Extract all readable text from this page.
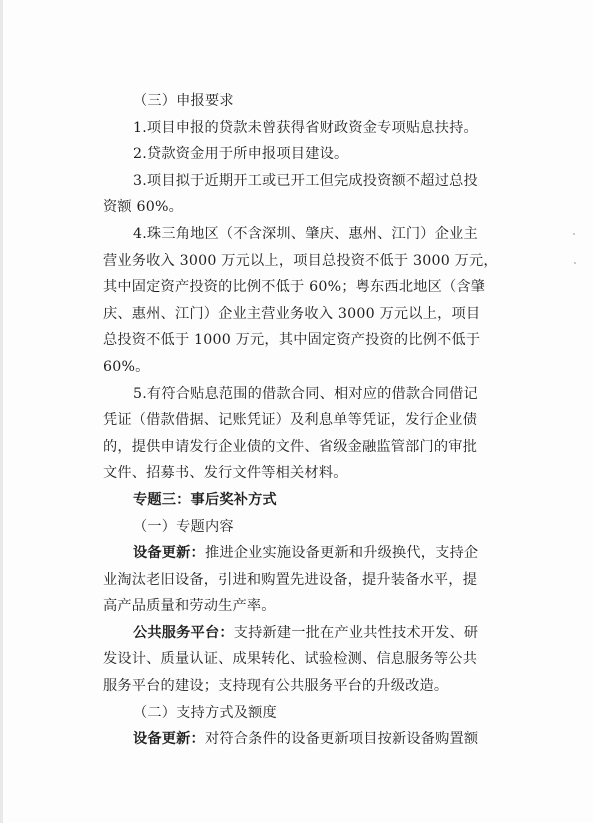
（三）申报要求
1.项目申报的贷款未曾获得省财政资金专项贴息扶持。
2.贷款资金用于所申报项目建设。
3.项目拟于近期开工或已开工但完成投资额不超过总投
资额 60%。
4.珠三角地区（不含深圳、肇庆、惠州、江门）企业主
营业务收入 3000 万元以上，项目总投资不低于 3000 万元，
其中固定资产投资的比例不低于 60%；粤东西北地区（含肇
庆、惠州、江门）企业主营业务收入 3000 万元以上，项目
总投资不低于 1000 万元，其中固定资产投资的比例不低于
60%。
5.有符合贴息范围的借款合同、相对应的借款合同借记
凭证（借款借据、记账凭证）及利息单等凭证，发行企业债
的，提供申请发行企业债的文件、省级金融监管部门的审批
文件、招募书、发行文件等相关材料。
专题三：事后奖补方式
（一）专题内容
设备更新：推进企业实施设备更新和升级换代，支持企
业淘汰老旧设备，引进和购置先进设备，提升装备水平，提
高产品质量和劳动生产率。
公共服务平台：支持新建一批在产业共性技术开发、研
发设计、质量认证、成果转化、试验检测、信息服务等公共
服务平台的建设；支持现有公共服务平台的升级改造。
（二）支持方式及额度
设备更新：对符合条件的设备更新项目按新设备购置额
